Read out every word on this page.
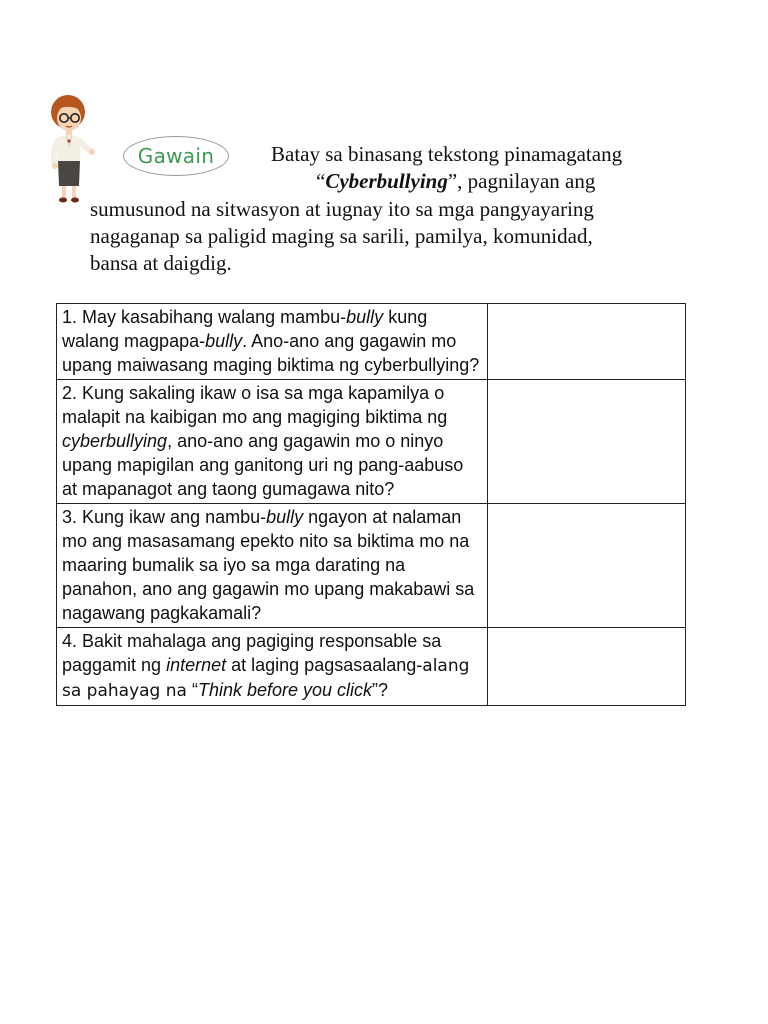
Gawain	Batay sa binasang tekstong pinamagatang
“Cyberbullying”, pagnilayan ang

sumusunod na sitwasyon at iugnay ito sa mga pangyayaring

nagaganap sa paligid maging sa sarili, pamilya, komunidad,

bansa at daigdig.

1. May kasabihang walang mambu-bully kung walang magpapa-bully. Ano-ano ang gagawin mo upang maiwasang maging biktima ng cyberbullying?	
2. Kung sakaling ikaw o isa sa mga kapamilya o malapit na kaibigan mo ang magiging biktima ng cyberbullying, ano-ano ang gagawin mo o ninyo upang mapigilan ang ganitong uri ng pang-aabuso at mapanagot ang taong gumagawa nito?	
3. Kung ikaw ang nambu-bully ngayon at nalaman mo ang masasamang epekto nito sa biktima mo na maaring bumalik sa iyo sa mga darating na panahon, ano ang gagawin mo upang makabawi sa nagawang pagkakamali?	
4. Bakit mahalaga ang pagiging responsable sa paggamit ng internet at laging pagsasaalang-alang sa pahayag na “Think before you click”?	
